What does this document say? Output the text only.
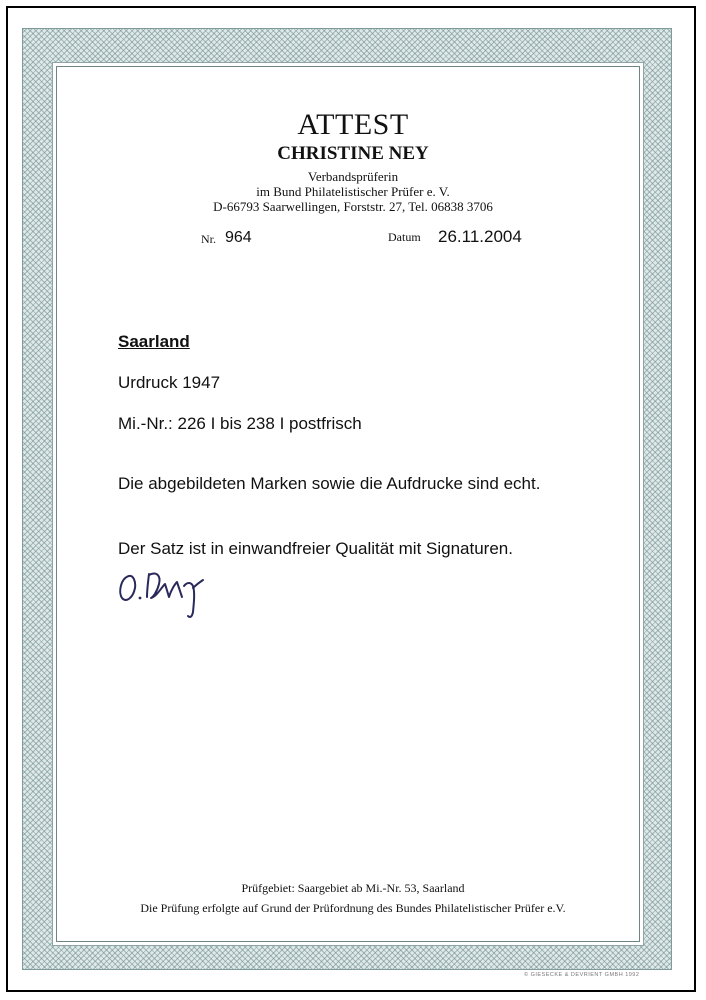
ATTEST
CHRISTINE NEY
Verbandsprüferin
im Bund Philatelistischer Prüfer e. V.
D-66793 Saarwellingen, Forststr. 27, Tel. 06838 3706
Nr. 964	Datum 26.11.2004
Saarland
Urdruck 1947
Mi.-Nr.: 226 I bis 238 I postfrisch
Die abgebildeten Marken sowie die Aufdrucke sind echt.
Der Satz ist in einwandfreier Qualität mit Signaturen.
Prüfgebiet: Saargebiet ab Mi.-Nr. 53, Saarland
Die Prüfung erfolgte auf Grund der Prüfordnung des Bundes Philatelistischer Prüfer e.V.
© GIESECKE & DEVRIENT GMBH 1992
